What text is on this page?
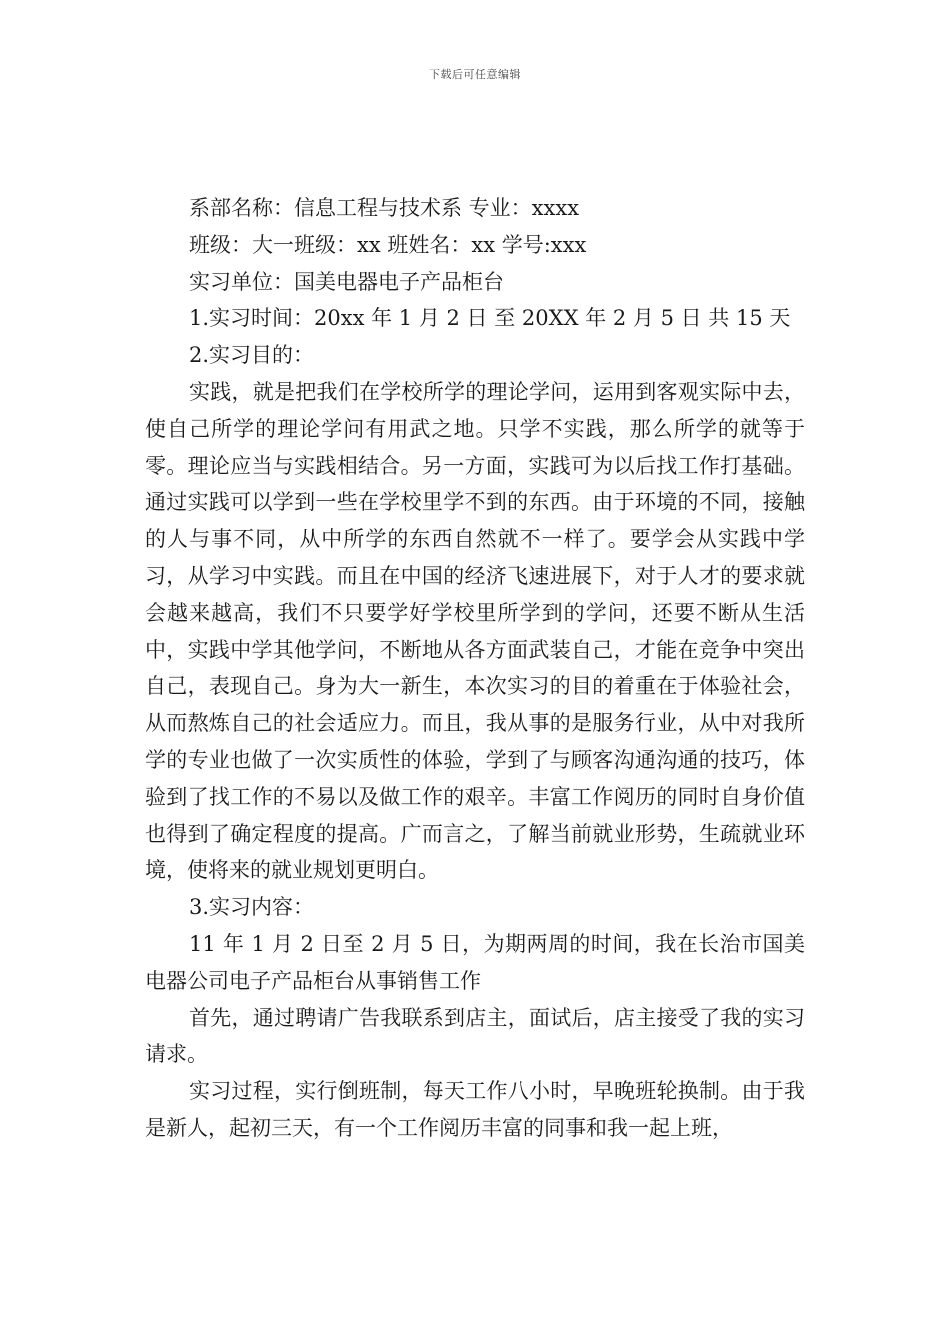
下载后可任意编辑

系部名称：信息工程与技术系 专业：xxxx

班级：大一班级：xx 班姓名：xx 学号:xxx

实习单位：国美电器电子产品柜台

1.实习时间：20xx 年 1 月 2 日 至 20XX 年 2 月 5 日 共 15 天

2.实习目的：

实践，就是把我们在学校所学的理论学问，运用到客观实际中去，使自己所学的理论学问有用武之地。只学不实践，那么所学的就等于零。理论应当与实践相结合。另一方面，实践可为以后找工作打基础。通过实践可以学到一些在学校里学不到的东西。由于环境的不同，接触的人与事不同，从中所学的东西自然就不一样了。要学会从实践中学习，从学习中实践。而且在中国的经济飞速进展下，对于人才的要求就会越来越高，我们不只要学好学校里所学到的学问，还要不断从生活中，实践中学其他学问，不断地从各方面武装自己，才能在竞争中突出自己，表现自己。身为大一新生，本次实习的目的着重在于体验社会，从而熬炼自己的社会适应力。而且，我从事的是服务行业，从中对我所学的专业也做了一次实质性的体验，学到了与顾客沟通沟通的技巧，体验到了找工作的不易以及做工作的艰辛。丰富工作阅历的同时自身价值也得到了确定程度的提高。广而言之，了解当前就业形势，生疏就业环境，使将来的就业规划更明白。

3.实习内容：

11 年 1 月 2 日至 2 月 5 日，为期两周的时间，我在长治市国美电器公司电子产品柜台从事销售工作

首先，通过聘请广告我联系到店主，面试后，店主接受了我的实习请求。

实习过程，实行倒班制，每天工作八小时，早晚班轮换制。由于我是新人，起初三天，有一个工作阅历丰富的同事和我一起上班，
